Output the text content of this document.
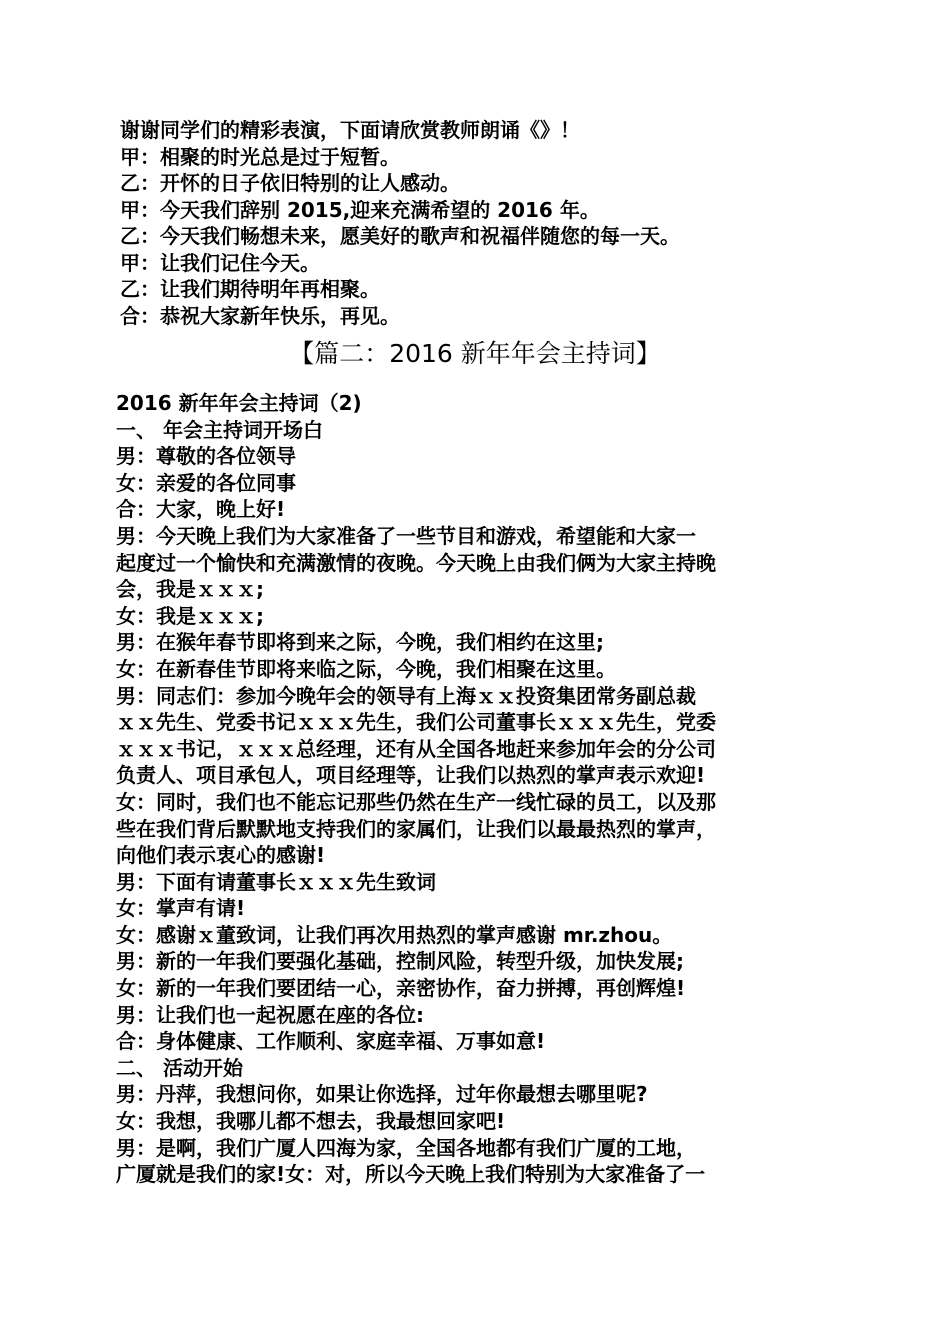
谢谢同学们的精彩表演，下面请欣赏教师朗诵《》！
甲：相聚的时光总是过于短暂。
乙：开怀的日子依旧特别的让人感动。
甲：今天我们辞别 2015,迎来充满希望的 2016 年。
乙：今天我们畅想未来，愿美好的歌声和祝福伴随您的每一天。
甲：让我们记住今天。
乙：让我们期待明年再相聚。
合：恭祝大家新年快乐，再见。
【篇二：2016 新年年会主持词】
2016 新年年会主持词（2)
一、 年会主持词开场白
男：尊敬的各位领导
女：亲爱的各位同事
合：大家，晚上好!
男：今天晚上我们为大家准备了一些节目和游戏，希望能和大家一
起度过一个愉快和充满激情的夜晚。今天晚上由我们俩为大家主持晚
会，我是ｘｘｘ;
女：我是ｘｘｘ;
男：在猴年春节即将到来之际，今晚，我们相约在这里;
女：在新春佳节即将来临之际，今晚，我们相聚在这里。
男：同志们：参加今晚年会的领导有上海ｘｘ投资集团常务副总裁
ｘｘ先生、党委书记ｘｘｘ先生，我们公司董事长ｘｘｘ先生，党委
ｘｘｘ书记，ｘｘｘ总经理，还有从全国各地赶来参加年会的分公司
负责人、项目承包人，项目经理等，让我们以热烈的掌声表示欢迎!
女：同时，我们也不能忘记那些仍然在生产一线忙碌的员工，以及那
些在我们背后默默地支持我们的家属们，让我们以最最热烈的掌声，
向他们表示衷心的感谢!
男：下面有请董事长ｘｘｘ先生致词
女：掌声有请!
女：感谢ｘ董致词，让我们再次用热烈的掌声感谢 mr.zhou。
男：新的一年我们要强化基础，控制风险，转型升级，加快发展;
女：新的一年我们要团结一心，亲密协作，奋力拼搏，再创辉煌!
男：让我们也一起祝愿在座的各位:
合：身体健康、工作顺利、家庭幸福、万事如意!
二、 活动开始
男：丹萍，我想问你，如果让你选择，过年你最想去哪里呢?
女：我想，我哪儿都不想去，我最想回家吧!
男：是啊，我们广厦人四海为家，全国各地都有我们广厦的工地，
广厦就是我们的家!女：对，所以今天晚上我们特别为大家准备了一
